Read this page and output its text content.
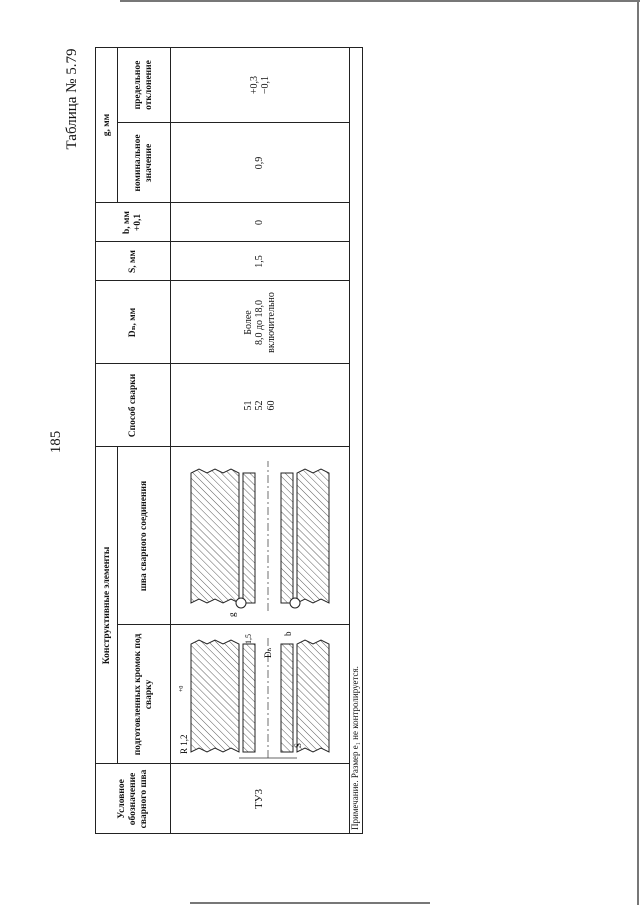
185
Таблица № 5.79
Условное обозначение сварного шва
Конструктивные элементы
подготовленных кромок под сварку
шва сварного соединения
Способ сварки
Dₙ, мм
S, мм
b, мм +0,1
g, мм
номинальное значение
предельное отклонение
ТУ3
51 52 60
Более 8,0 до 18,0 включительно
1,5
0
0,9
+0,3 −0,1
R 1,2
+0
1,5
Dₙ
S
b
g
Примечание. Размер e₁ не контролируется.
